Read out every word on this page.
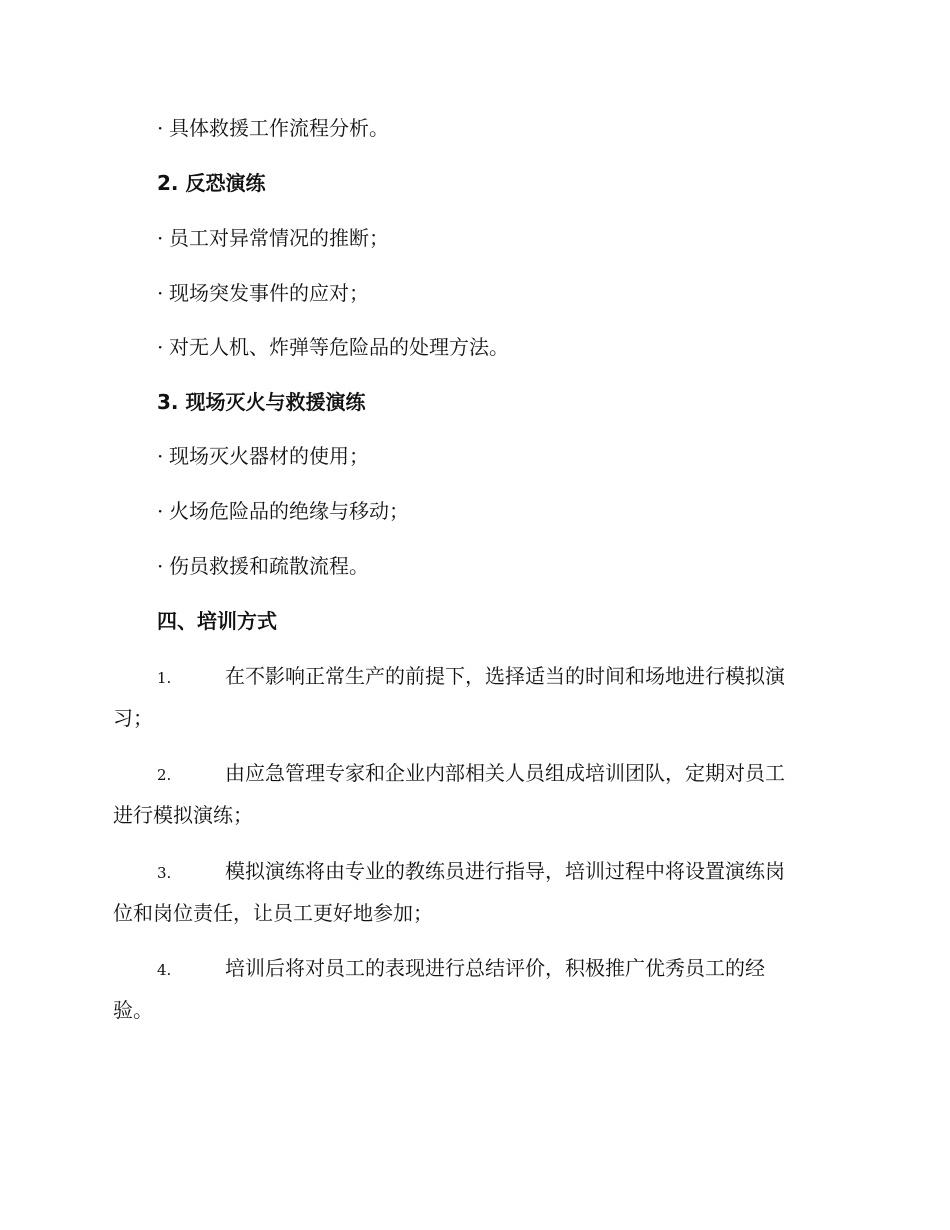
· 具体救援工作流程分析。
2. 反恐演练
· 员工对异常情况的推断；
· 现场突发事件的应对；
· 对无人机、炸弹等危险品的处理方法。
3. 现场灭火与救援演练
· 现场灭火器材的使用；
· 火场危险品的绝缘与移动；
· 伤员救援和疏散流程。
四、培训方式
1.	在不影响正常生产的前提下，选择适当的时间和场地进行模拟演
习；
2.	由应急管理专家和企业内部相关人员组成培训团队，定期对员工
进行模拟演练；
3.	模拟演练将由专业的教练员进行指导，培训过程中将设置演练岗
位和岗位责任，让员工更好地参加；
4.	培训后将对员工的表现进行总结评价，积极推广优秀员工的经
验。
